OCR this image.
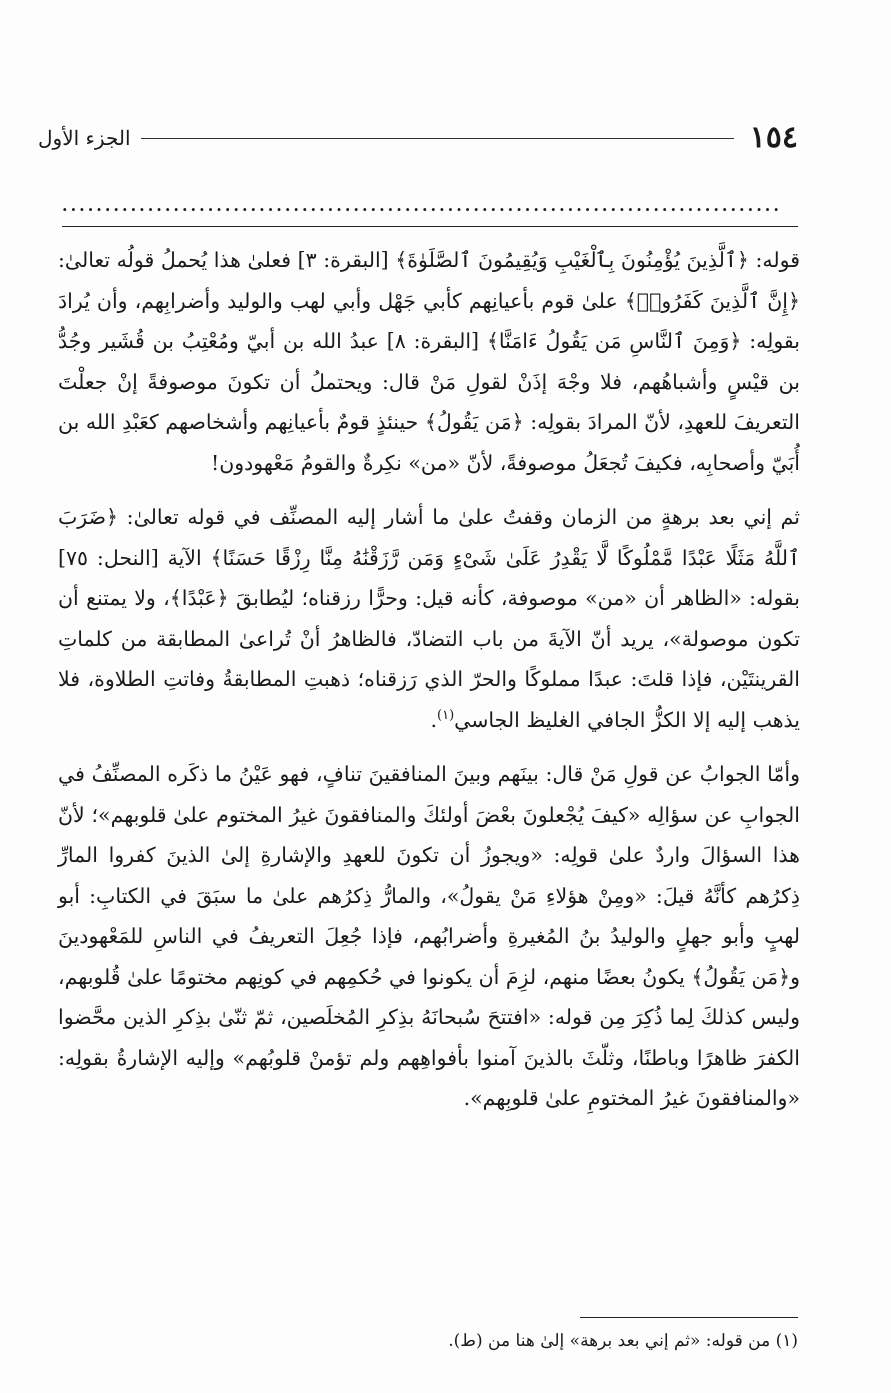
١٥٤
الجزء الأول
....................................................................................

قوله: ﴿ٱلَّذِينَ يُؤْمِنُونَ بِٱلْغَيْبِ وَيُقِيمُونَ ٱلصَّلَوٰةَ﴾ [البقرة: ٣] فعلىٰ هذا يُحملُ قولُه تعالىٰ: ﴿إِنَّ ٱلَّذِينَ كَفَرُوا۟﴾ علىٰ قوم بأعيانِهم كأبي جَهْل وأبي لهب والوليد وأضرابِهم، وأن يُرادَ بقولِه: ﴿وَمِنَ ٱلنَّاسِ مَن يَقُولُ ءَامَنَّا﴾ [البقرة: ٨] عبدُ الله بن أبيّ ومُعْتِبُ بن قُشَير وجُدُّ بن قيْسٍ وأشباهُهم، فلا وجْهَ إذَنْ لقولِ مَنْ قال: ويحتملُ أن تكونَ موصوفةً إنْ جعلْتَ التعريفَ للعهدِ، لأنّ المرادَ بقولِه: ﴿مَن يَقُولُ﴾ حينئذٍ قومٌ بأعيانِهم وأشخاصهم كعَبْدِ الله بن أُبَيّ وأصحابِه، فكيفَ تُجعَلُ موصوفةً، لأنّ «من» نكِرةٌ والقومُ مَعْهودون!

ثم إني بعد برهةٍ من الزمان وقفتُ علىٰ ما أشار إليه المصنِّف في قوله تعالىٰ: ﴿ضَرَبَ ٱللَّهُ مَثَلًا عَبْدًا مَّمْلُوكًا لَّا يَقْدِرُ عَلَىٰ شَىْءٍ وَمَن رَّزَقْنَٰهُ مِنَّا رِزْقًا حَسَنًا﴾ الآية [النحل: ٧٥] بقوله: «الظاهر أن «من» موصوفة، كأنه قيل: وحرًّا رزقناه؛ ليُطابقَ ﴿عَبْدًا﴾، ولا يمتنع أن تكون موصولة»، يريد أنّ الآيةَ من باب التضادّ، فالظاهرُ أنْ تُراعىٰ المطابقة من كلماتِ القرينتَيْن، فإذا قلتَ: عبدًا مملوكًا والحرّ الذي رَزقناه؛ ذهبتِ المطابقةُ وفاتتِ الطلاوة، فلا يذهب إليه إلا الكزُّ الجافي الغليظ الجاسي$^{(١)}$.

وأمّا الجوابُ عن قولِ مَنْ قال: بينَهم وبينَ المنافقينَ تنافٍ، فهو عَيْنُ ما ذكَره المصنِّفُ في الجوابِ عن سؤالِه «كيفَ يُجْعلونَ بعْضَ أولئكَ والمنافقونَ غيرُ المختوم علىٰ قلوبهم»؛ لأنّ هذا السؤالَ واردٌ علىٰ قولِه: «ويجوزُ أن تكونَ للعهدِ والإشارةِ إلىٰ الذينَ كفروا المارِّ ذِكرُهم كأنَّهُ قيلَ: «ومِنْ هؤلاءِ مَنْ يقولُ»، والمارُّ ذِكرُهم علىٰ ما سبَقَ في الكتابِ: أبو لهبٍ وأبو جهلٍ والوليدُ بنُ المُغيرةِ وأضرابُهم، فإذا جُعِلَ التعريفُ في الناسِ للمَعْهودينَ و﴿مَن يَقُولُ﴾ يكونُ بعضًا منهم، لزِمَ أن يكونوا في حُكمِهم في كونِهم مختومًا علىٰ قُلوبهم، وليس كذلكَ لِما ذُكِرَ مِن قوله: «افتتحَ سُبحانَهُ بذِكرِ المُخلَصين، ثمّ ثنّىٰ بذِكرِ الذين محَّضوا الكفرَ ظاهرًا وباطنًا، وثلّثَ بالذينَ آمنوا بأفواهِهم ولم تؤمنْ قلوبُهم» وإليه الإشارةُ بقولِه: «والمنافقونَ غيرُ المختومِ علىٰ قلوبِهم».

(١) من قوله: «ثم إني بعد برهة» إلىٰ هنا من (ط).
